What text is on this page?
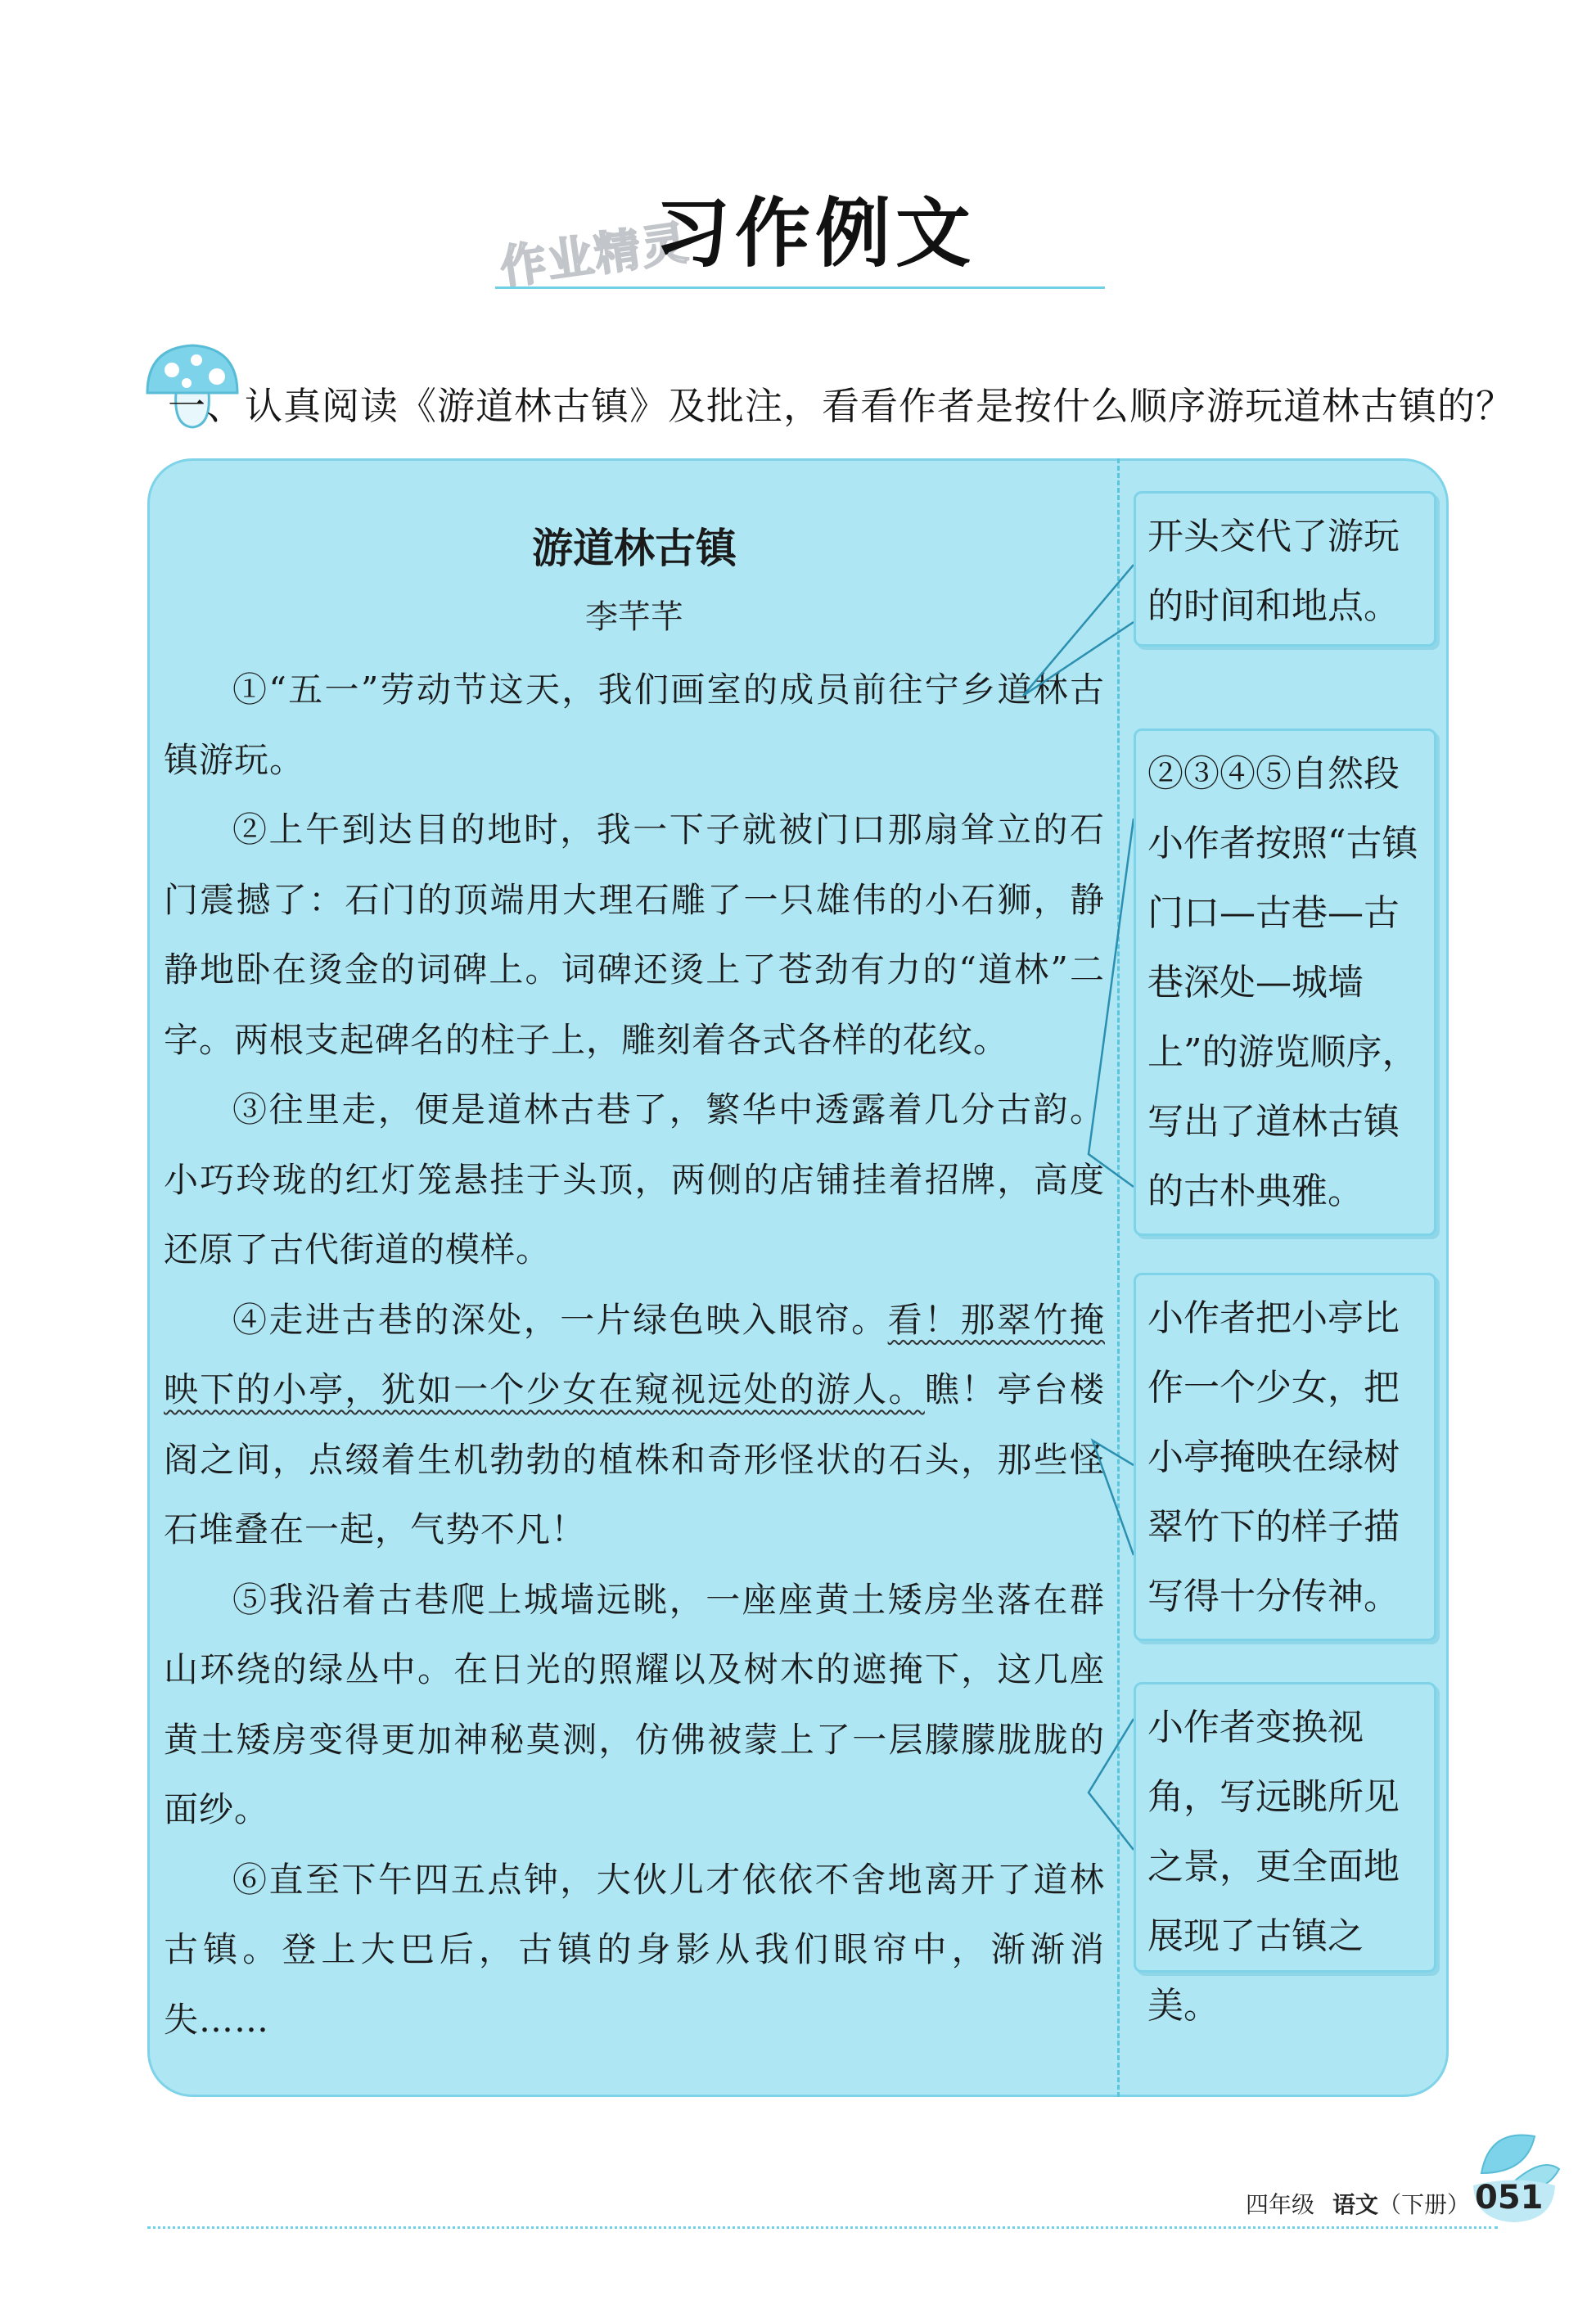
作业精灵
习作例文
一、认真阅读《游道林古镇》及批注，看看作者是按什么顺序游玩道林古镇的？
游道林古镇
李芊芊

①“五一”劳动节这天，我们画室的成员前往宁乡道林古镇游玩。

②上午到达目的地时，我一下子就被门口那扇耸立的石门震撼了：石门的顶端用大理石雕了一只雄伟的小石狮，静静地卧在烫金的词碑上。词碑还烫上了苍劲有力的“道林”二字。两根支起碑名的柱子上，雕刻着各式各样的花纹。

③往里走，便是道林古巷了，繁华中透露着几分古韵。小巧玲珑的红灯笼悬挂于头顶，两侧的店铺挂着招牌，高度还原了古代街道的模样。

④走进古巷的深处，一片绿色映入眼帘。看！那翠竹掩映下的小亭，犹如一个少女在窥视远处的游人。瞧！亭台楼阁之间，点缀着生机勃勃的植株和奇形怪状的石头，那些怪石堆叠在一起，气势不凡！

⑤我沿着古巷爬上城墙远眺，一座座黄土矮房坐落在群山环绕的绿丛中。在日光的照耀以及树木的遮掩下，这几座黄土矮房变得更加神秘莫测，仿佛被蒙上了一层朦朦胧胧的面纱。

⑥直至下午四五点钟，大伙儿才依依不舍地离开了道林古镇。登上大巴后，古镇的身影从我们眼帘中，渐渐消失……

开头交代了游玩的时间和地点。
②③④⑤自然段小作者按照“古镇门口—古巷—古巷深处—城墙上”的游览顺序，写出了道林古镇的古朴典雅。
小作者把小亭比作一个少女，把小亭掩映在绿树翠竹下的样子描写得十分传神。
小作者变换视角，写远眺所见之景，更全面地展现了古镇之美。
四年级 语文 （下册） 051
